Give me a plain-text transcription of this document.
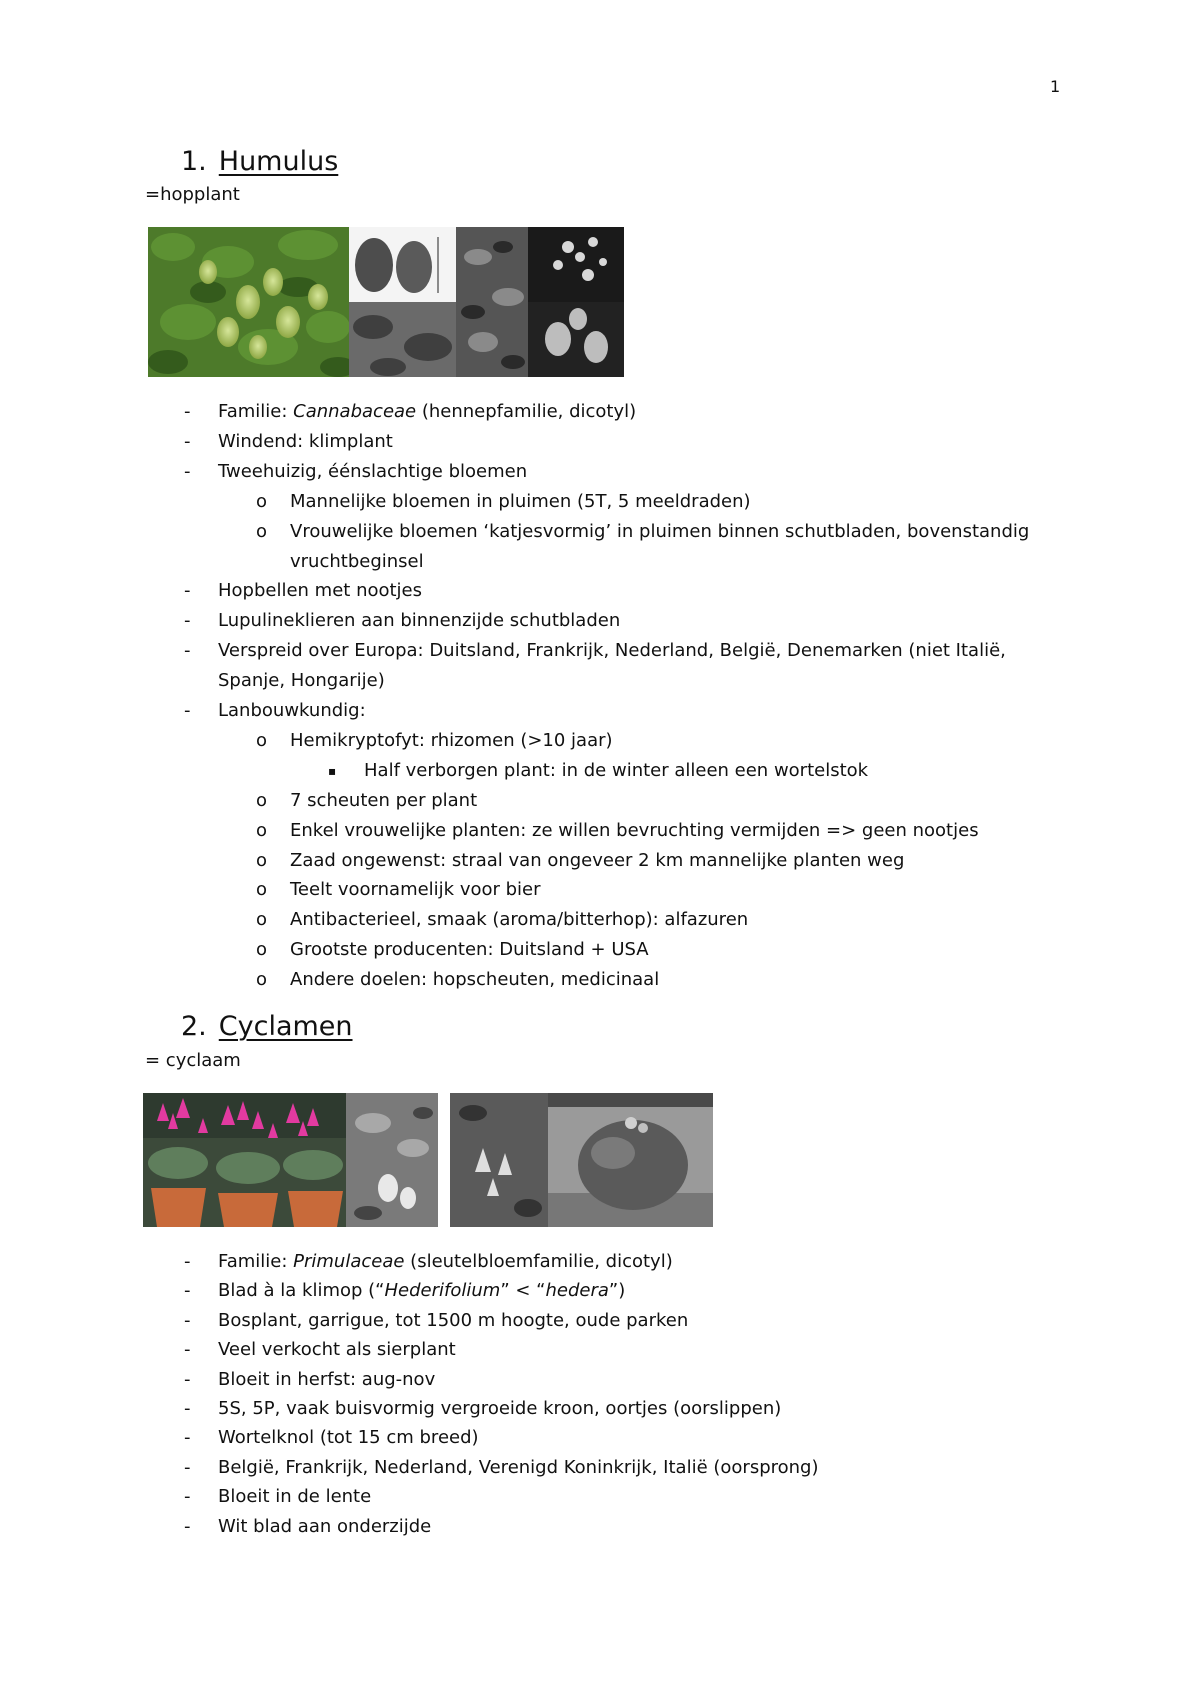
1
1. Humulus
=hopplant
- Familie: Cannabaceae (hennepfamilie, dicotyl)
- Windend: klimplant
- Tweehuizig, éénslachtige bloemen
o Mannelijke bloemen in pluimen (5T, 5 meeldraden)
o Vrouwelijke bloemen ‘katjesvormig’ in pluimen binnen schutbladen, bovenstandig
vruchtbeginsel
- Hopbellen met nootjes
- Lupulineklieren aan binnenzijde schutbladen
- Verspreid over Europa: Duitsland, Frankrijk, Nederland, België, Denemarken (niet Italië,
Spanje, Hongarije)
- Lanbouwkundig:
o Hemikryptofyt: rhizomen (>10 jaar)
▪ Half verborgen plant: in de winter alleen een wortelstok
o 7 scheuten per plant
o Enkel vrouwelijke planten: ze willen bevruchting vermijden => geen nootjes
o Zaad ongewenst: straal van ongeveer 2 km mannelijke planten weg
o Teelt voornamelijk voor bier
o Antibacterieel, smaak (aroma/bitterhop): alfazuren
o Grootste producenten: Duitsland + USA
o Andere doelen: hopscheuten, medicinaal
2. Cyclamen
= cyclaam
- Familie: Primulaceae (sleutelbloemfamilie, dicotyl)
- Blad à la klimop (“Hederifolium” < “hedera”)
- Bosplant, garrigue, tot 1500 m hoogte, oude parken
- Veel verkocht als sierplant
- Bloeit in herfst: aug-nov
- 5S, 5P, vaak buisvormig vergroeide kroon, oortjes (oorslippen)
- Wortelknol (tot 15 cm breed)
- België, Frankrijk, Nederland, Verenigd Koninkrijk, Italië (oorsprong)
- Bloeit in de lente
- Wit blad aan onderzijde
